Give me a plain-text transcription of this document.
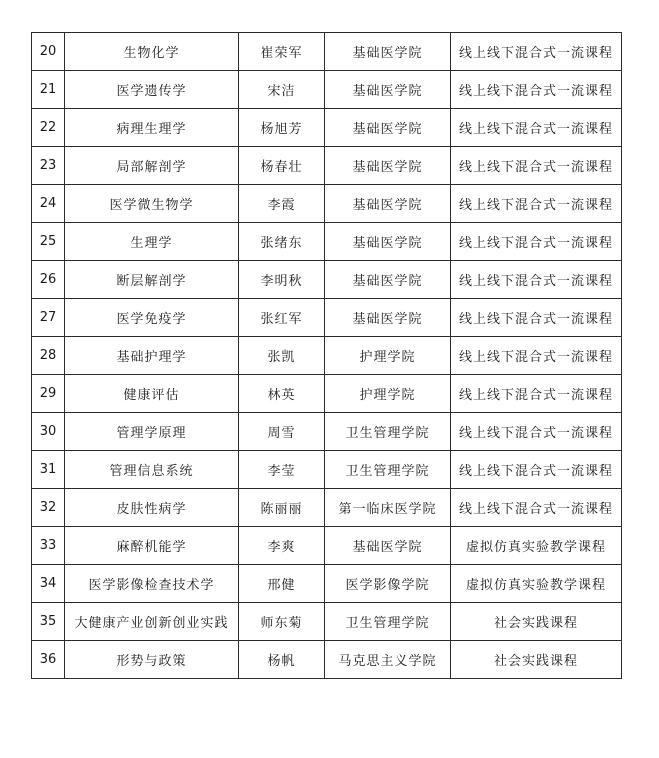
20	生物化学	崔荣军	基础医学院	线上线下混合式一流课程
21	医学遗传学	宋洁	基础医学院	线上线下混合式一流课程
22	病理生理学	杨旭芳	基础医学院	线上线下混合式一流课程
23	局部解剖学	杨春壮	基础医学院	线上线下混合式一流课程
24	医学微生物学	李霞	基础医学院	线上线下混合式一流课程
25	生理学	张绪东	基础医学院	线上线下混合式一流课程
26	断层解剖学	李明秋	基础医学院	线上线下混合式一流课程
27	医学免疫学	张红军	基础医学院	线上线下混合式一流课程
28	基础护理学	张凯	护理学院	线上线下混合式一流课程
29	健康评估	林英	护理学院	线上线下混合式一流课程
30	管理学原理	周雪	卫生管理学院	线上线下混合式一流课程
31	管理信息系统	李莹	卫生管理学院	线上线下混合式一流课程
32	皮肤性病学	陈丽丽	第一临床医学院	线上线下混合式一流课程
33	麻醉机能学	李爽	基础医学院	虚拟仿真实验教学课程
34	医学影像检查技术学	邢健	医学影像学院	虚拟仿真实验教学课程
35	大健康产业创新创业实践	师东菊	卫生管理学院	社会实践课程
36	形势与政策	杨帆	马克思主义学院	社会实践课程
